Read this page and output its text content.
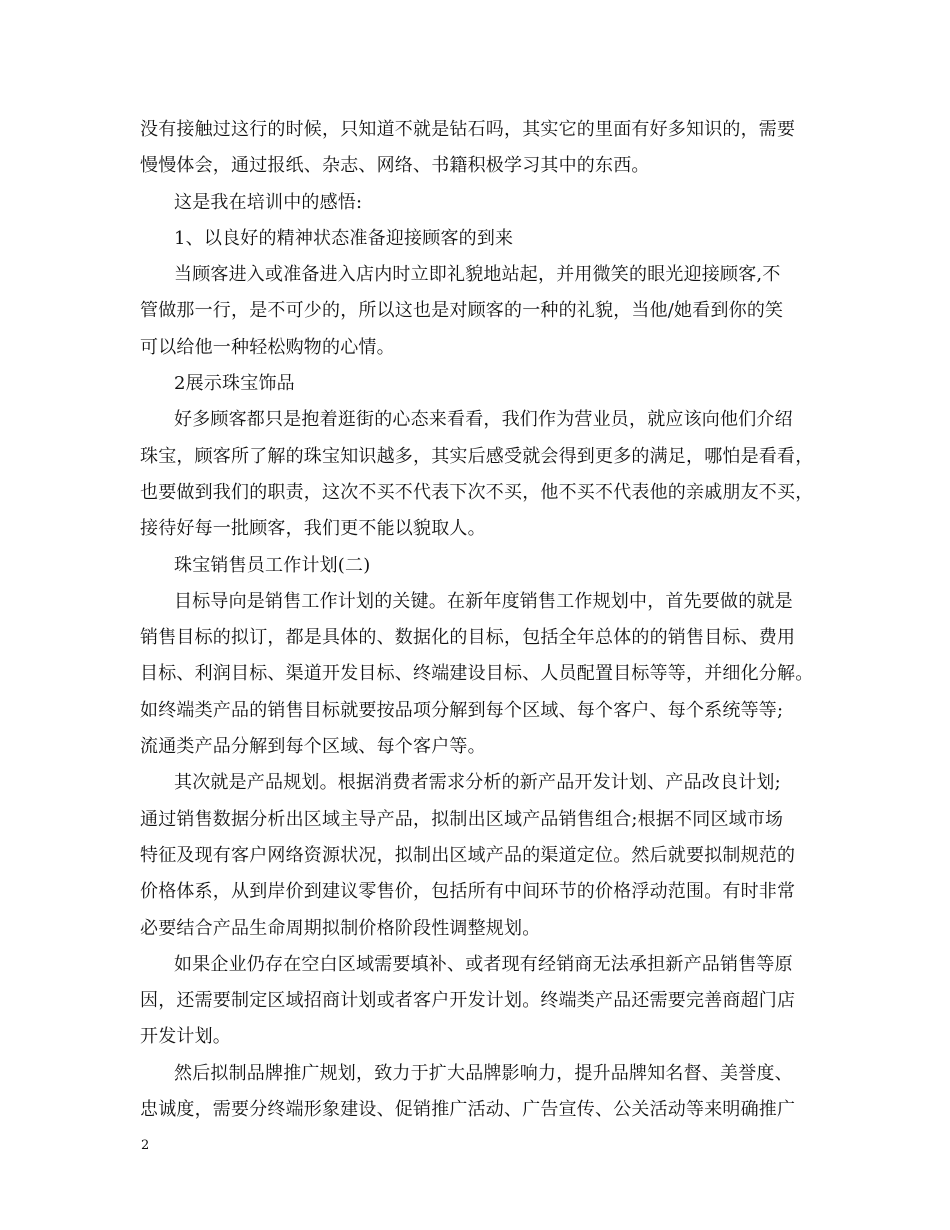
没有接触过这行的时候，只知道不就是钻石吗，其实它的里面有好多知识的，需要
慢慢体会，通过报纸、杂志、网络、书籍积极学习其中的东西。
这是我在培训中的感悟:
1、以良好的精神状态准备迎接顾客的到来
当顾客进入或准备进入店内时立即礼貌地站起，并用微笑的眼光迎接顾客,不
管做那一行，是不可少的，所以这也是对顾客的一种的礼貌，当他/她看到你的笑
可以给他一种轻松购物的心情。
2展示珠宝饰品
好多顾客都只是抱着逛街的心态来看看，我们作为营业员，就应该向他们介绍
珠宝，顾客所了解的珠宝知识越多，其实后感受就会得到更多的满足，哪怕是看看，
也要做到我们的职责，这次不买不代表下次不买，他不买不代表他的亲戚朋友不买，
接待好每一批顾客，我们更不能以貌取人。
珠宝销售员工作计划(二)
目标导向是销售工作计划的关键。在新年度销售工作规划中，首先要做的就是
销售目标的拟订，都是具体的、数据化的目标，包括全年总体的的销售目标、费用
目标、利润目标、渠道开发目标、终端建设目标、人员配置目标等等，并细化分解。
如终端类产品的销售目标就要按品项分解到每个区域、每个客户、每个系统等等;
流通类产品分解到每个区域、每个客户等。
其次就是产品规划。根据消费者需求分析的新产品开发计划、产品改良计划;
通过销售数据分析出区域主导产品，拟制出区域产品销售组合;根据不同区域市场
特征及现有客户网络资源状况，拟制出区域产品的渠道定位。然后就要拟制规范的
价格体系，从到岸价到建议零售价，包括所有中间环节的价格浮动范围。有时非常
必要结合产品生命周期拟制价格阶段性调整规划。
如果企业仍存在空白区域需要填补、或者现有经销商无法承担新产品销售等原
因，还需要制定区域招商计划或者客户开发计划。终端类产品还需要完善商超门店
开发计划。
然后拟制品牌推广规划，致力于扩大品牌影响力，提升品牌知名督、美誉度、
忠诚度，需要分终端形象建设、促销推广活动、广告宣传、公关活动等来明确推广
2
